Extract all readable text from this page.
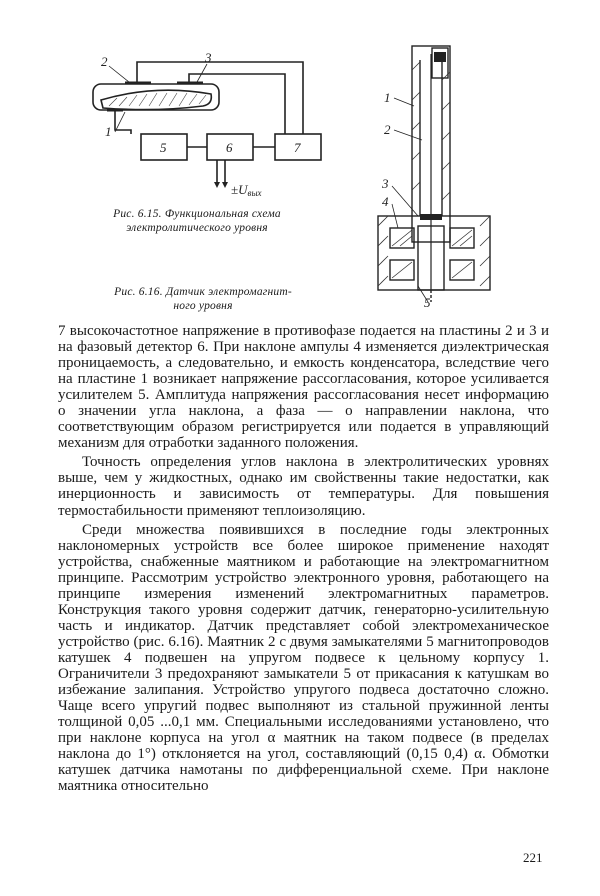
2	3
1
5	6	7
±Uвых
Рис. 6.15. Функциональная схема
электролитического уровня
Рис. 6.16. Датчик электромагнит-
ного уровня
1
2
3
4
5

7 высокочастотное напряжение в противофазе подается на пластины 2 и 3 и на фазовый детектор 6. При наклоне ампулы 4 изменяется диэлектрическая проницаемость, а следовательно, и емкость конденсатора, вследствие чего на пластине 1 возникает напряжение рассогласования, которое усиливается усилителем 5. Амплитуда напряжения рассогласования несет информацию о значении угла наклона, а фаза — о направлении наклона, что соответствующим образом регистрируется или подается в управляющий механизм для отработки заданного положения.

Точность определения углов наклона в электролитических уровнях выше, чем у жидкостных, однако им свойственны такие недостатки, как инерционность и зависимость от температуры. Для повышения термостабильности применяют теплоизоляцию.

Среди множества появившихся в последние годы электронных наклономерных устройств все более широкое применение находят устройства, снабженные маятником и работающие на электромагнитном принципе. Рассмотрим устройство электронного уровня, работающего на принципе измерения изменений электромагнитных параметров. Конструкция такого уровня содержит датчик, генераторно-усилительную часть и индикатор. Датчик представляет собой электромеханическое устройство (рис. 6.16). Маятник 2 с двумя замыкателями 5 магнитопроводов катушек 4 подвешен на упругом подвесе к цельному корпусу 1. Ограничители 3 предохраняют замыкатели 5 от прикасания к катушкам во избежание залипания. Устройство упругого подвеса достаточно сложно. Чаще всего упругий подвес выполняют из стальной пружинной ленты толщиной 0,05 ...0,1 мм. Специальными исследованиями установлено, что при наклоне корпуса на угол α маятник на таком подвесе (в пределах наклона до 1°) отклоняется на угол, составляющий (0,15 0,4) α. Обмотки катушек датчика намотаны по дифференциальной схеме. При наклоне маятника относительно

221
